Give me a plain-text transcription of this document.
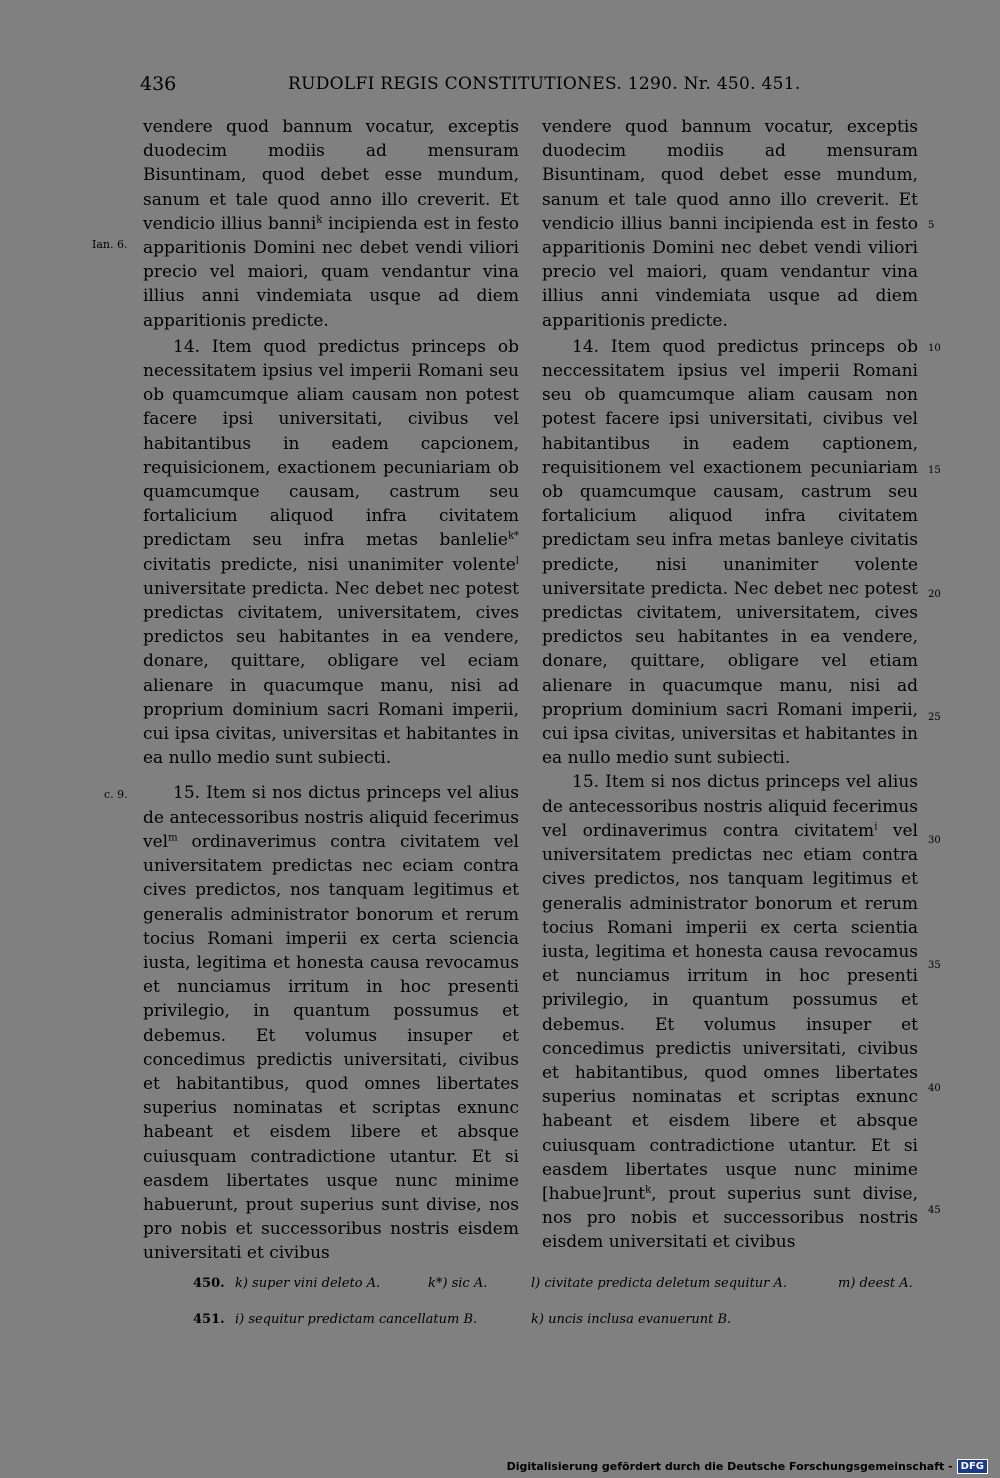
436	RUDOLFI REGIS CONSTITUTIONES. 1290. Nr. 450. 451.
Ian. 6.
c. 9.
5
10
15
20
25
30
35
40
45

vendere quod bannum vocatur, exceptis duodecim modiis ad mensuram Bisuntinam, quod debet esse mundum, sanum et tale quod anno illo creverit. Et vendicio illius banni$^k$ incipienda est in festo apparitionis Domini nec debet vendi viliori precio vel maiori, quam vendantur vina illius anni vindemiata usque ad diem apparitionis predicte.

14. Item quod predictus princeps ob necessitatem ipsius vel imperii Romani seu ob quamcumque aliam causam non potest facere ipsi universitati, civibus vel habitantibus in eadem capcionem, requisicionem, exactionem pecuniariam ob quamcumque causam, castrum seu fortalicium aliquod infra civitatem predictam seu infra metas banlelie$^{k*}$ civitatis predicte, nisi unanimiter volente$^l$ universitate predicta. Nec debet nec potest predictas civitatem, universitatem, cives predictos seu habitantes in ea vendere, donare, quittare, obligare vel eciam alienare in quacumque manu, nisi ad proprium dominium sacri Romani imperii, cui ipsa civitas, universitas et habitantes in ea nullo medio sunt subiecti.

15. Item si nos dictus princeps vel alius de antecessoribus nostris aliquid fecerimus vel$^m$ ordinaverimus contra civitatem vel universitatem predictas nec eciam contra cives predictos, nos tanquam legitimus et generalis administrator bonorum et rerum tocius Romani imperii ex certa sciencia iusta, legitima et honesta causa revocamus et nunciamus irritum in hoc presenti privilegio, in quantum possumus et debemus. Et volumus insuper et concedimus predictis universitati, civibus et habitantibus, quod omnes libertates superius nominatas et scriptas exnunc habeant et eisdem libere et absque cuiusquam contradictione utantur. Et si easdem libertates usque nunc minime habuerunt, prout superius sunt divise, nos pro nobis et successoribus nostris eisdem universitati et civibus

vendere quod bannum vocatur, exceptis duodecim modiis ad mensuram Bisuntinam, quod debet esse mundum, sanum et tale quod anno illo creverit. Et vendicio illius banni incipienda est in festo apparitionis Domini nec debet vendi viliori precio vel maiori, quam vendantur vina illius anni vindemiata usque ad diem apparitionis predicte.

14. Item quod predictus princeps ob neccessitatem ipsius vel imperii Romani seu ob quamcumque aliam causam non potest facere ipsi universitati, civibus vel habitantibus in eadem captionem, requisitionem vel exactionem pecuniariam ob quamcumque causam, castrum seu fortalicium aliquod infra civitatem predictam seu infra metas banleye civitatis predicte, nisi unanimiter volente universitate predicta. Nec debet nec potest predictas civitatem, universitatem, cives predictos seu habitantes in ea vendere, donare, quittare, obligare vel etiam alienare in quacumque manu, nisi ad proprium dominium sacri Romani imperii, cui ipsa civitas, universitas et habitantes in ea nullo medio sunt subiecti.

15. Item si nos dictus princeps vel alius de antecessoribus nostris aliquid fecerimus vel ordinaverimus contra civitatem$^i$ vel universitatem predictas nec etiam contra cives predictos, nos tanquam legitimus et generalis administrator bonorum et rerum tocius Romani imperii ex certa scientia iusta, legitima et honesta causa revocamus et nunciamus irritum in hoc presenti privilegio, in quantum possumus et debemus. Et volumus insuper et concedimus predictis universitati, civibus et habitantibus, quod omnes libertates superius nominatas et scriptas exnunc habeant et eisdem libere et absque cuiusquam contradictione utantur. Et si easdem libertates usque nunc minime [habue]runt$^k$, prout superius sunt divise, nos pro nobis et successoribus nostris eisdem universitati et civibus

450. k) super vini deleto A.	k*) sic A.	l) civitate predicta deletum sequitur A.	m) deest A.
451. i) sequitur predictam cancellatum B.	k) uncis inclusa evanuerunt B.
Digitalisierung gefördert durch die Deutsche Forschungsgemeinschaft - DFG
